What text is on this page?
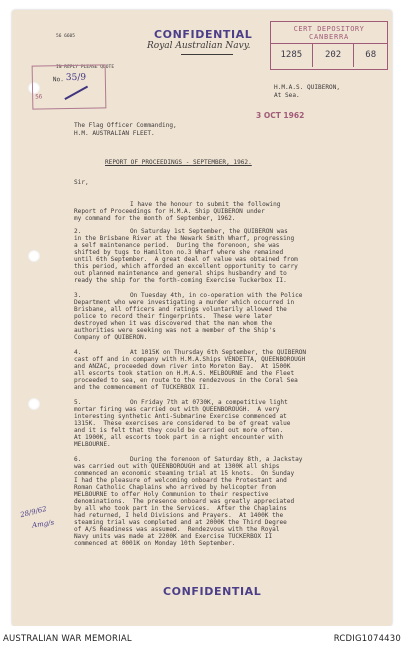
56 6605	CONFIDENTIAL
Royal Australian Navy.
IN REPLY PLEASE QUOTE
No. 35/9
56
CERT DEPOSITORY
CANBERRA
1285	202	68
H.M.A.S. QUIBERON,
At Sea.
3 OCT 1962
The Flag Officer Commanding,
H.M. AUSTRALIAN FLEET.
REPORT OF PROCEEDINGS - SEPTEMBER, 1962.
Sir,
I have the honour to submit the following
Report of Proceedings for H.M.A. Ship QUIBERON under
my command for the month of September, 1962.
2.	On Saturday 1st September, the QUIBERON was
in the Brisbane River at the Newark Smith Wharf, progressing
a self maintenance period.  During the forenoon, she was
shifted by tugs to Hamilton no.3 Wharf where she remained
until 6th September.  A great deal of value was obtained from
this period, which afforded an excellent opportunity to carry
out planned maintenance and general ships husbandry and to
ready the ship for the forth-coming Exercise Tuckerbox II.
3.	On Tuesday 4th, in co-operation with the Police
Department who were investigating a murder which occurred in
Brisbane, all officers and ratings voluntarily allowed the
police to record their fingerprints.  These were later
destroyed when it was discovered that the man whom the
authorities were seeking was not a member of the Ship's
Company of QUIBERON.
4.	At 1015K on Thursday 6th September, the QUIBERON
cast off and in company with H.M.A.Ships VENDETTA, QUEENBOROUGH
and ANZAC, proceeded down river into Moreton Bay.  At 1500K
all escorts took station on H.M.A.S. MELBOURNE and the Fleet
proceeded to sea, en route to the rendezvous in the Coral Sea
and the commencement of TUCKERBOX II.
5.	On Friday 7th at 0730K, a competitive light
mortar firing was carried out with QUEENBOROUGH.  A very
interesting synthetic Anti-Submarine Exercise commenced at
1315K.  These exercises are considered to be of great value
and it is felt that they could be carried out more often.
At 1900K, all escorts took part in a night encounter with
MELBOURNE.
6.	During the forenoon of Saturday 8th, a Jackstay
was carried out with QUEENBOROUGH and at 1300K all ships
commenced an economic steaming trial at 15 knots.  On Sunday
I had the pleasure of welcoming onboard the Protestant and
Roman Catholic Chaplains who arrived by helicopter from
MELBOURNE to offer Holy Communion to their respective
denominations.  The presence onboard was greatly appreciated
by all who took part in the Services.  After the Chaplains
had returned, I held Divisions and Prayers.  At 1400K the
steaming trial was completed and at 2000K the Third Degree
of A/S Readiness was assumed.  Rendezvous with the Royal
Navy units was made at 2200K and Exercise TUCKERBOX II
commenced at 0001K on Monday 10th September.
28/9/62
Amg/s
CONFIDENTIAL
AUSTRALIAN WAR MEMORIAL	RCDIG1074430
